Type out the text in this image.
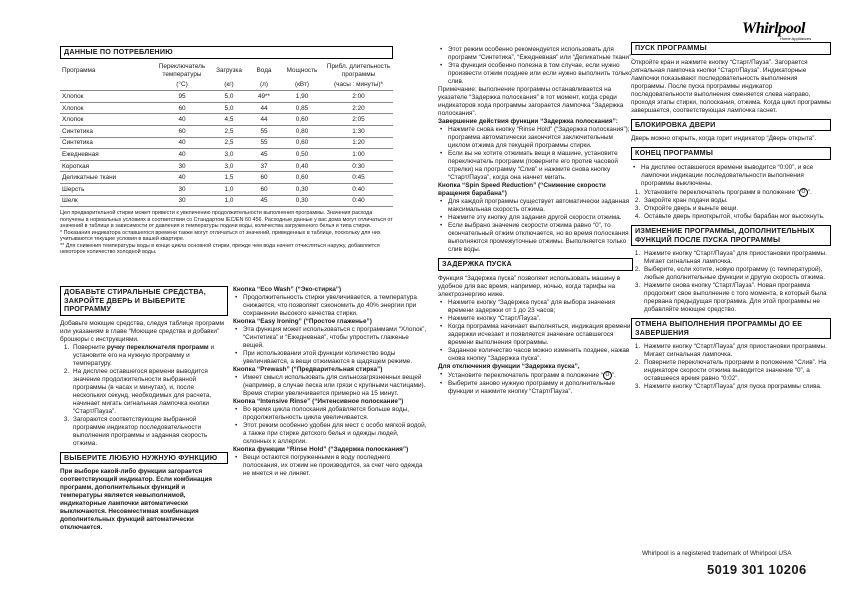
Whirlpool
Home Appliances
ДАННЫЕ ПО ПОТРЕБЛЕНИЮ
Программа	Переключатель температуры	Загрузка	Вода	Мощность	Прибл. длительность программы
	(°C)	(кг)	(л)	(кВт)	(часы : минуты)*
Хлопок	95	5,0	49**	1,90	2:00
Хлопок	60	5,0	44	0,85	2:20
Хлопок	40	4,5	44	0,60	2:05
Синтетика	60	2,5	55	0,80	1:30
Синтетика	40	2,5	55	0,60	1:20
Ежедневная	40	3,0	45	0,50	1:00
Короткая	30	3,0	37	0,40	0:30
Деликатные ткани	40	1,5	60	0,60	0:45
Шерсть	30	1,0	60	0,30	0:40
Шелк	30	1,0	45	0,30	0:40

Цел предварительной стирки может привести к увеличению продолжительности выполнения программы. Значения расхода получены в нормальных условиях в соответствии со Стандартом IEC/EN 60 456. Расходные данные у вас дома могут отличаться от значений в таблице в зависимости от давления и температуры подачи воды, количества загруженного белья и типа стирки.

* Показания индикатора оставшегося времени также могут отличаться от значений, приведенных в таблице, поскольку для них учитываются текущие условия в вашей квартире.

** Для снижения температуры воды в конце цикла основной стирки, прежде чем вода начнет отчисляться наружу, добавляется некоторое количество холодной воды.

ДОБАВЬТЕ СТИРАЛЬНЫЕ СРЕДСТВА, ЗАКРОЙТЕ ДВЕРЬ И ВЫБЕРИТЕ ПРОГРАММУ

Добавьте моющие средства, следуя таблице программ или указаниям в главе “Моющие средства и добавки” брошюры с инструкциями.

1. Поверните ручку переключателя программ и установите его на нужную программу и температуру.
2. На дисплее оставшегося времени выводится значение продолжительности выбранной программы (в часах и минутах), и, после нескольких секунд, необходимых для расчета, начинает мигать сигнальная лампочка кнопки “Старт/Пауза”.
3. Загораются соответствующие выбранной программе индикатор последовательности выполнения программы и заданная скорость отжима.
ВЫБЕРИТЕ ЛЮБУЮ НУЖНУЮ ФУНКЦИЮ

При выборе какой-либо функции загорается соответствующий индикатор. Если комбинация программ, дополнительных функций и температуры является невыполнимой, индикаторные лампочки автоматически выключаются. Несовместимая комбинация дополнительных функций автоматически отключается.

Кнопка “Eco Wash” (“Эко-стирка”)

• Продолжительность стирки увеличивается, а температура снижается, что позволяет сэкономить до 40% энергии при сохранении высокого качества стирки.

Кнопка “Easy Ironing” (“Простое глаженье”)

• Эта функция может использоваться с программами “Хлопок”, “Синтетика” и “Ежедневная”, чтобы упростить глаженье вещей.
• При использовании этой функции количество воды увеличивается, а вещи отжимаются в щадящем режиме.

Кнопка “Prewash” (“Предварительная стирка”)

• Имеет смысл использовать для сильнозагрязненных вещей (например, в случае песка или грязи с крупными частицами). Время стирки увеличивается примерно на 15 минут.

Кнопка “Intensive Rinse” (“Интенсивное полоскание”)

• Во время цикла полоскания добавляется больше воды, продолжительность цикла увеличивается.
• Этот режим особенно удобен для мест с особо мягкой водой, а также при стирке детского белья и одежды людей, склонных к аллергии.

Кнопка функции “Rinse Hold” (“Задержка полоскания”)

• Вещи остаются погруженными в воду последнего полоскания, их отжим не производится, за счет чего одежда не мнется и не линяет.
• Этот режим особенно рекомендуется использовать для программ “Синтетика”, “Ежедневная” или “Деликатные ткани”.
• Эта функция особенно полезна в том случае, если нужно произвести отжим позднее или если нужно выполнить только слив.

Примечание: выполнение программы останавливается на указателе “Задержка полоскания” в тот момент, когда среди индикаторов хода программы загорается лампочка “Задержка полоскания”.

Завершение действия функции “Задержка полоскания”:

• Нажмите снова кнопку “Rinse Hold” (“Задержка полоскания”); программа автоматически закончится заключительным циклом отжима для текущей программы стирки.
• Если вы не хотите отжимать вещи в машине, установите переключатель программ (поверните его против часовой стрелки) на программу “Слив” и нажмите снова кнопку “Старт/Пауза”, когда она начнет мигать.

Кнопка “Spin Speed Reduction” (“Снижение скорости вращения барабана”)

• Для каждой программы существует автоматически заданная максимальная скорость отжима.
• Нажмите эту кнопку для задания другой скорости отжима.
• Если выбрано значение скорости отжима равно “0”, то окончательный отжим отключается, но во время полоскания выполняются промежуточные отжимы. Выполняется только слив воды.
ЗАДЕРЖКА ПУСКА

Функция “Задержка пуска” позволяет использовать машину в удобное для вас время, например, ночью, когда тарифы на электроэнергию ниже.

• Нажмите кнопку “Задержка пуска” для выбора значения времени задержки от 1 до 23 часов;
• Нажмите кнопку “Старт/Пауза”.
• Когда программа начинает выполняться, индикация времени задержки исчезает и появляется значение оставшегося времени выполнения программы.
• Заданное количество часов можно изменить позднее, нажав снова кнопку “Задержка пуска”.

Для отключения функции “Задержка пуска”,

• Установите переключатель программ в положение “ O ”.
• Выберите заново нужную программу и дополнительные функции и нажмите кнопку “Старт/Пауза”.
ПУСК ПРОГРАММЫ

Откройте кран и нажмите кнопку “Старт/Пауза”. Загорается сигнальная лампочка кнопки “Старт/Пауза”. Индикаторные лампочки показывают последовательность выполнения программы. После пуска программы индикатор последовательности выполнения сменяется слева направо, проходя этапы стирки, полоскания, отжима. Когда цикл программы завершается, соответствующая лампочка гаснет.

БЛОКИРОВКА ДВЕРИ

Дверь можно открыть, когда горит индикатор “Дверь открыта”.

КОНЕЦ ПРОГРАММЫ
• На дисплее оставшегося времени выводится “0:00”, и все лампочки индикации последовательности выполнения программы выключены.
1. Установите переключатель программ в положение “ O ”.
2. Закройте кран подачи воды.
3. Откройте дверь и выньте вещи.
4. Оставьте дверь приоткрытой, чтобы барабан мог высохнуть.
ИЗМЕНЕНИЕ ПРОГРАММЫ, ДОПОЛНИТЕЛЬНЫХ ФУНКЦИЙ ПОСЛЕ ПУСКА ПРОГРАММЫ
1. Нажмите кнопку “Старт/Пауза” для приостановки программы. Мигает сигнальная лампочка.
2. Выберите, если хотите, новую программу (с температурой), любые дополнительные функции и другую скорость отжима.
3. Нажмите снова кнопку “Старт/Пауза”. Новая программа продолжит свое выполнение с того момента, в который была прервана предыдущая программа. Для этой программы не добавляйте моющее средство.
ОТМЕНА ВЫПОЛНЕНИЯ ПРОГРАММЫ ДО ЕЕ ЗАВЕРШЕНИЯ
1. Нажмите кнопку “Старт/Пауза” для приостановки программы. Мигает сигнальная лампочка.
2. Поверните переключатель программ в положение “Слив”. На индикаторе скорости отжима выводится значение “0”, а оставшееся время равно “0:02”.
3. Нажмите кнопку “Старт/Пауза” для пуска программы слива.
Whirlpool is a registered trademark of Whirlpool USA
5019 301 10206
